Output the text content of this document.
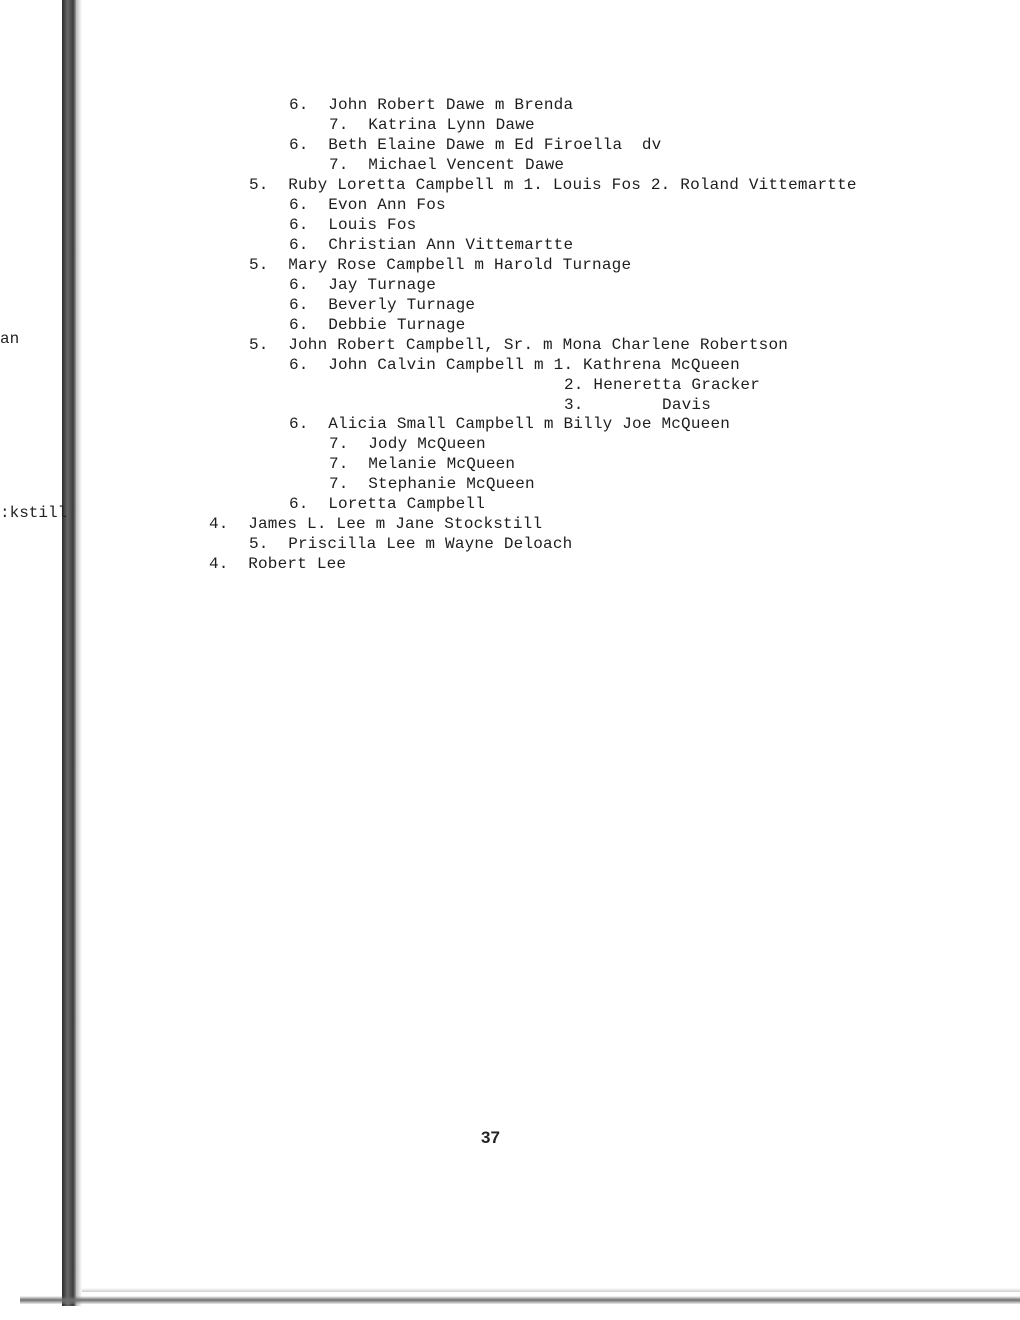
an
:kstill
6.  John Robert Dawe m Brenda
7.  Katrina Lynn Dawe
6.  Beth Elaine Dawe m Ed Firoella  dv
7.  Michael Vencent Dawe
5.  Ruby Loretta Campbell m 1. Louis Fos 2. Roland Vittemartte
6.  Evon Ann Fos
6.  Louis Fos
6.  Christian Ann Vittemartte
5.  Mary Rose Campbell m Harold Turnage
6.  Jay Turnage
6.  Beverly Turnage
6.  Debbie Turnage
5.  John Robert Campbell, Sr. m Mona Charlene Robertson
6.  John Calvin Campbell m 1. Kathrena McQueen
2. Heneretta Gracker
3.        Davis
6.  Alicia Small Campbell m Billy Joe McQueen
7.  Jody McQueen
7.  Melanie McQueen
7.  Stephanie McQueen
6.  Loretta Campbell
4.  James L. Lee m Jane Stockstill
5.  Priscilla Lee m Wayne Deloach
4.  Robert Lee
37
